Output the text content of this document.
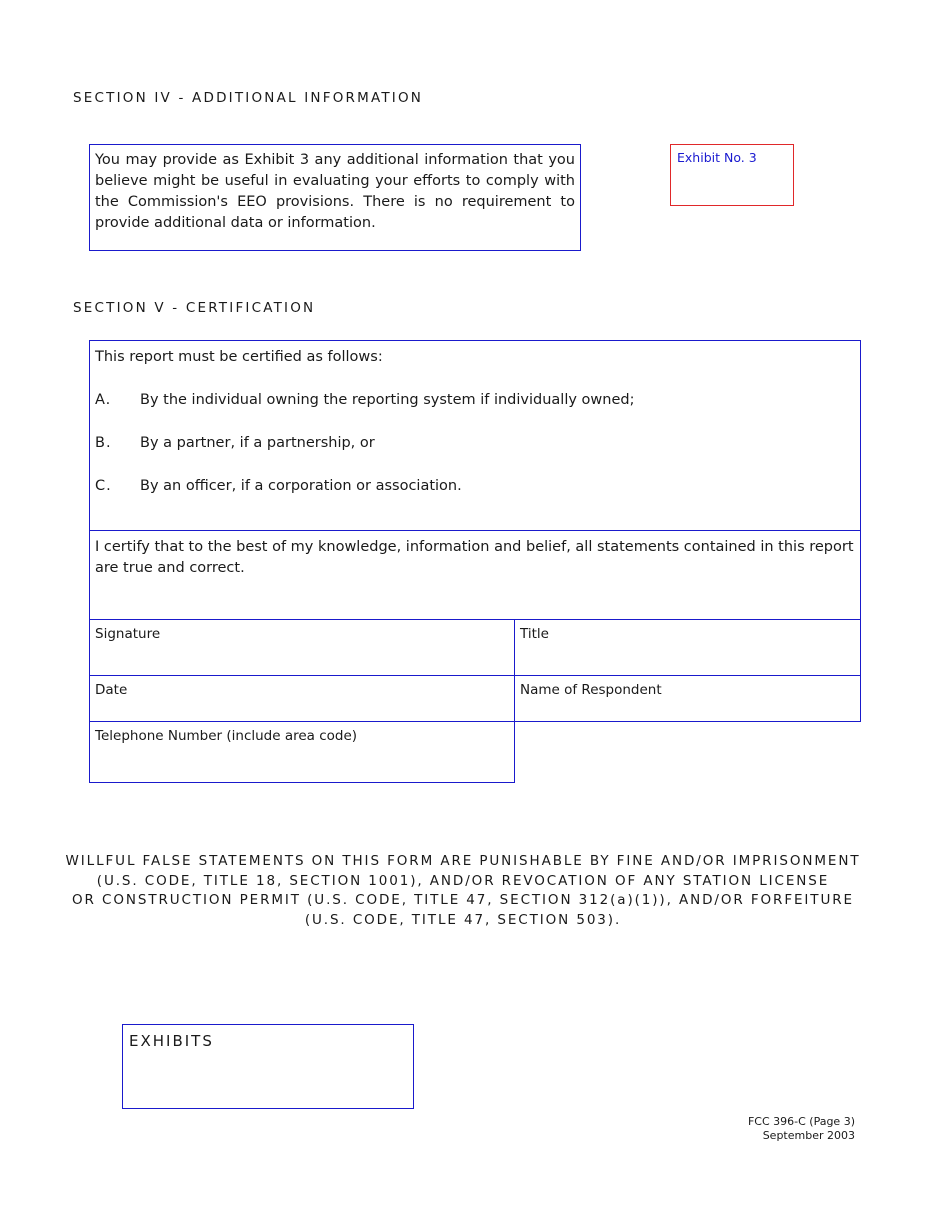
SECTION IV - ADDITIONAL INFORMATION
You may provide as Exhibit 3 any additional information that you believe might be useful in evaluating your efforts to comply with the Commission's EEO provisions. There is no requirement to provide additional data or information.
Exhibit No. 3
SECTION V - CERTIFICATION
This report must be certified as follows:
A.	By the individual owning the reporting system if individually owned;
B.	By a partner, if a partnership, or
C.	By an officer, if a corporation or association.
I certify that to the best of my knowledge, information and belief, all statements contained in this report are true and correct.
Signature	Title
Date	Name of Respondent
Telephone Number (include area code)
WILLFUL FALSE STATEMENTS ON THIS FORM ARE PUNISHABLE BY FINE AND/OR IMPRISONMENT
(U.S. CODE, TITLE 18, SECTION 1001), AND/OR REVOCATION OF ANY STATION LICENSE
OR CONSTRUCTION PERMIT (U.S. CODE, TITLE 47, SECTION 312(a)(1)), AND/OR FORFEITURE
(U.S. CODE, TITLE 47, SECTION 503).
EXHIBITS
FCC 396-C (Page 3)
September 2003
